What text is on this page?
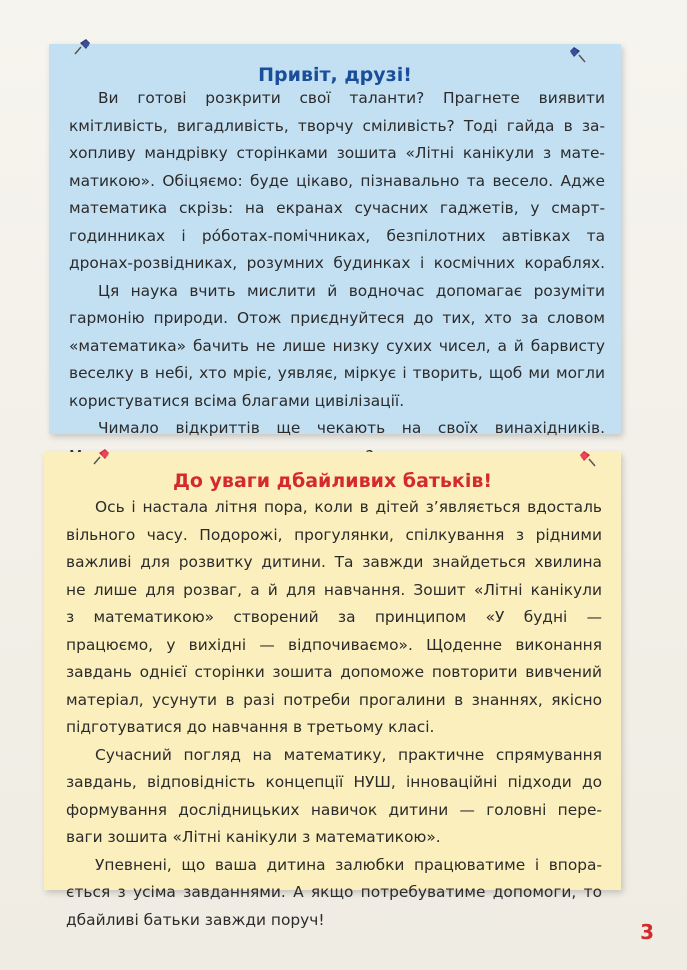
Привіт, друзі!
Ви готові розкрити свої таланти? Прагнете виявити
кмітливість, вигадливість, творчу сміливість? Тоді гайда в за-
хопливу мандрівку сторінками зошита «Літні канікули з мате-
матикою». Обіцяємо: буде цікаво, пізнавально та весело. Адже
математика скрізь: на екранах сучасних гаджетів, у смарт-
годинниках і ро́ботах-помічниках, безпілотних автівках та
дронах-розвідниках, розумних будинках і космічних кораблях.
Ця наука вчить мислити й водночас допомагає розуміти
гармонію природи. Отож приєднуйтеся до тих, хто за словом
«математика» бачить не лише низку сухих чисел, а й барвисту
веселку в небі, хто мріє, уявляє, міркує і творить, щоб ми могли
користуватися всіма благами цивілізації.
Чимало відкриттів ще чекають на своїх винахідників.
До уваги дбайливих батьків!
Ось і настала літня пора, коли в дітей з’являється вдосталь
вільного часу. Подорожі, прогулянки, спілкування з рідними
важливі для розвитку дитини. Та завжди знайдеться хвилина
не лише для розваг, а й для навчання. Зошит «Літні канікули
з математикою» створений за принципом «У будні —
працюємо, у вихідні — відпочиваємо». Щоденне виконання
завдань однієї сторінки зошита допоможе повторити вивчений
матеріал, усунути в разі потреби прогалини в знаннях, якісно
підготуватися до навчання в третьому класі.
Сучасний погляд на математику, практичне спрямування
завдань, відповідність концепції НУШ, інноваційні підходи до
формування дослідницьких навичок дитини — головні пере-
ваги зошита «Літні канікули з математикою».
Упевнені, що ваша дитина залюбки працюватиме і впора-
ється з усіма завданнями. А якщо потребуватиме допомоги, то
дбайливі батьки завжди поруч!
3
